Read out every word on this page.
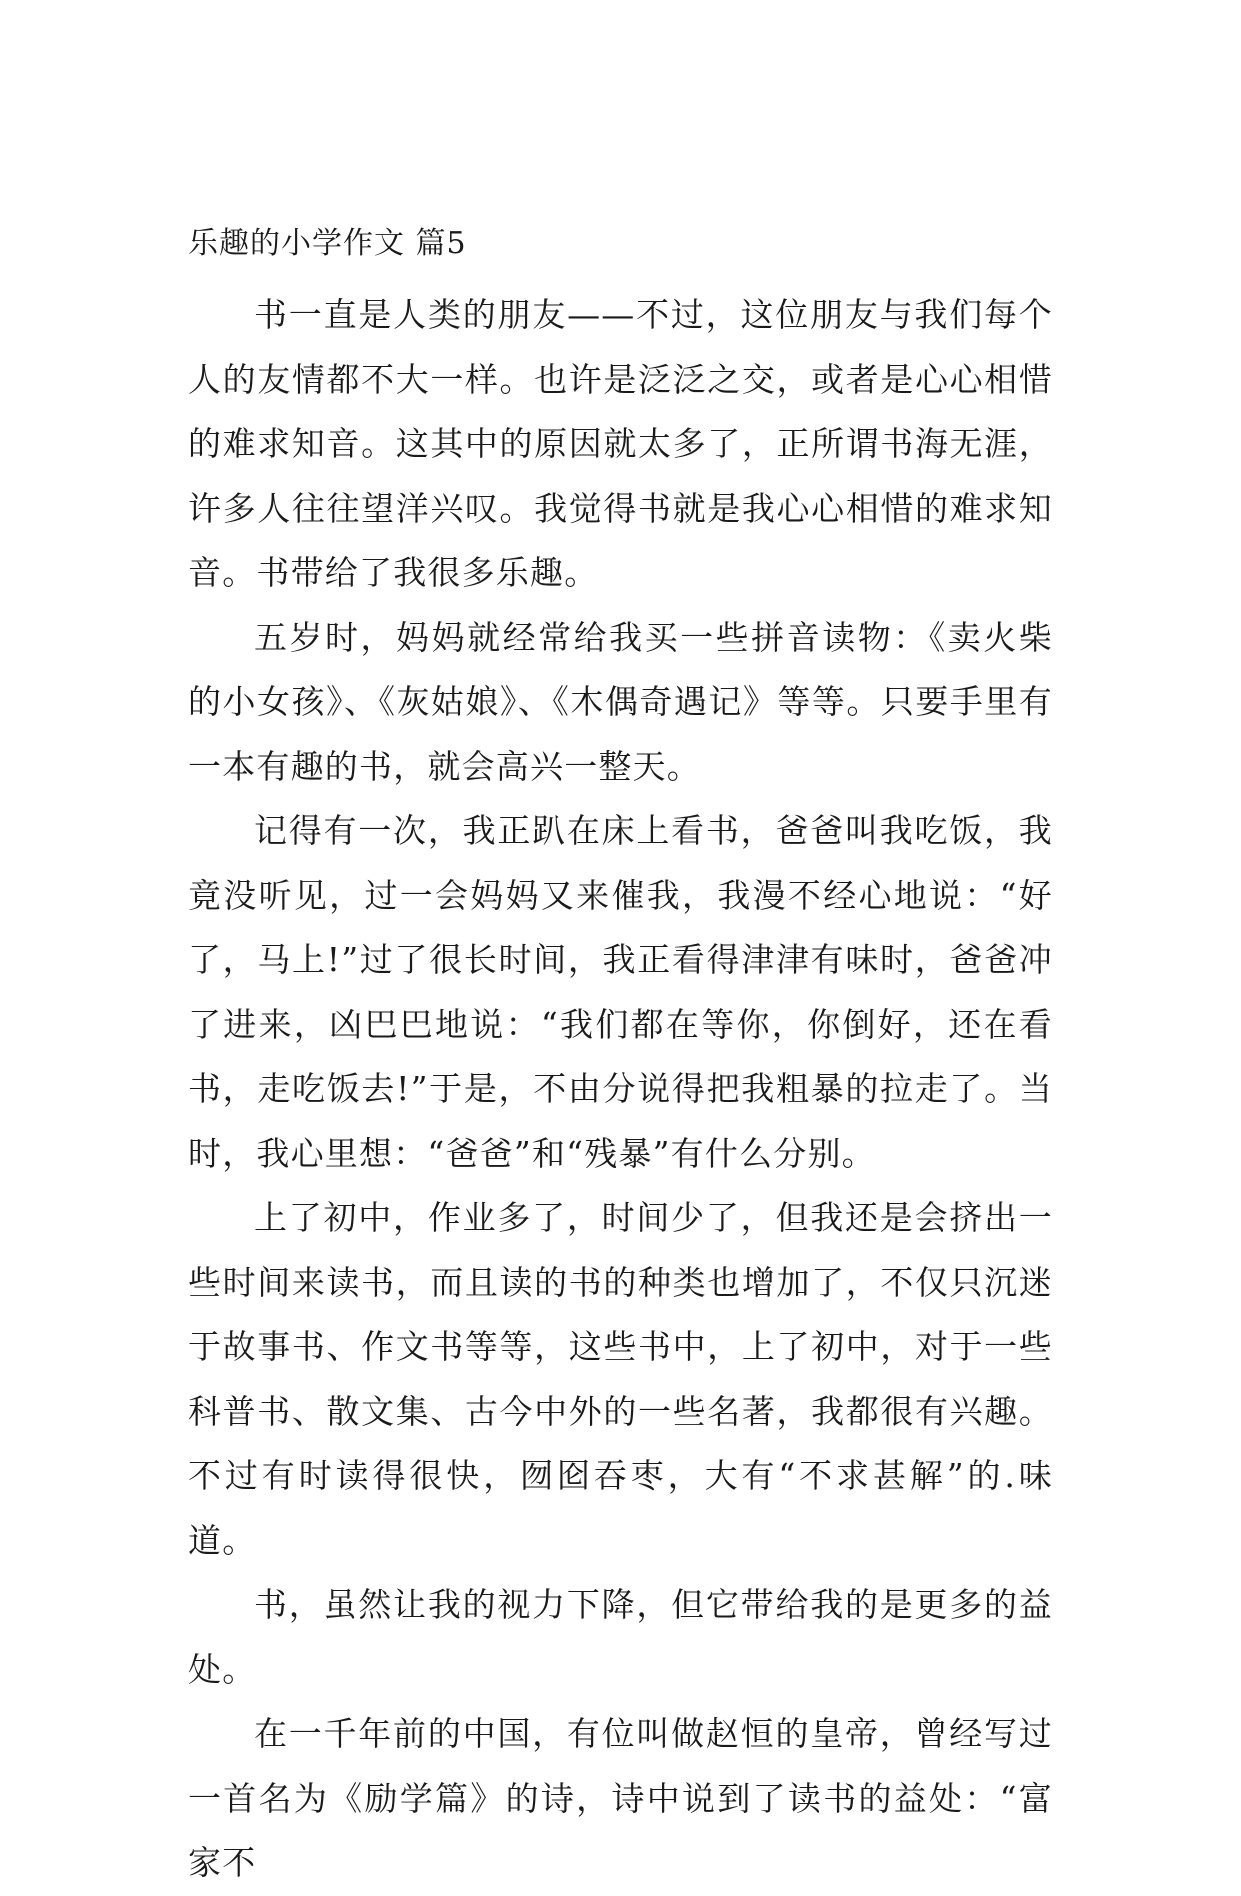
乐趣的小学作文 篇5

书一直是人类的朋友——不过，这位朋友与我们每个人的友情都不大一样。也许是泛泛之交，或者是心心相惜的难求知音。这其中的原因就太多了，正所谓书海无涯，许多人往往望洋兴叹。我觉得书就是我心心相惜的难求知音。书带给了我很多乐趣。

五岁时，妈妈就经常给我买一些拼音读物：《卖火柴的小女孩》、《灰姑娘》、《木偶奇遇记》等等。只要手里有一本有趣的书，就会高兴一整天。

记得有一次，我正趴在床上看书，爸爸叫我吃饭，我竟没听见，过一会妈妈又来催我，我漫不经心地说：“好了，马上!”过了很长时间，我正看得津津有味时，爸爸冲了进来，凶巴巴地说：“我们都在等你，你倒好，还在看书，走吃饭去!”于是，不由分说得把我粗暴的拉走了。当时，我心里想：“爸爸”和“残暴”有什么分别。

上了初中，作业多了，时间少了，但我还是会挤出一些时间来读书，而且读的书的种类也增加了，不仅只沉迷于故事书、作文书等等，这些书中，上了初中，对于一些科普书、散文集、古今中外的一些名著，我都很有兴趣。不过有时读得很快，囫囵吞枣，大有“不求甚解”的.味道。

书，虽然让我的视力下降，但它带给我的是更多的益处。

在一千年前的中国，有位叫做赵恒的皇帝，曾经写过一首名为《励学篇》的诗，诗中说到了读书的益处：“富家不
